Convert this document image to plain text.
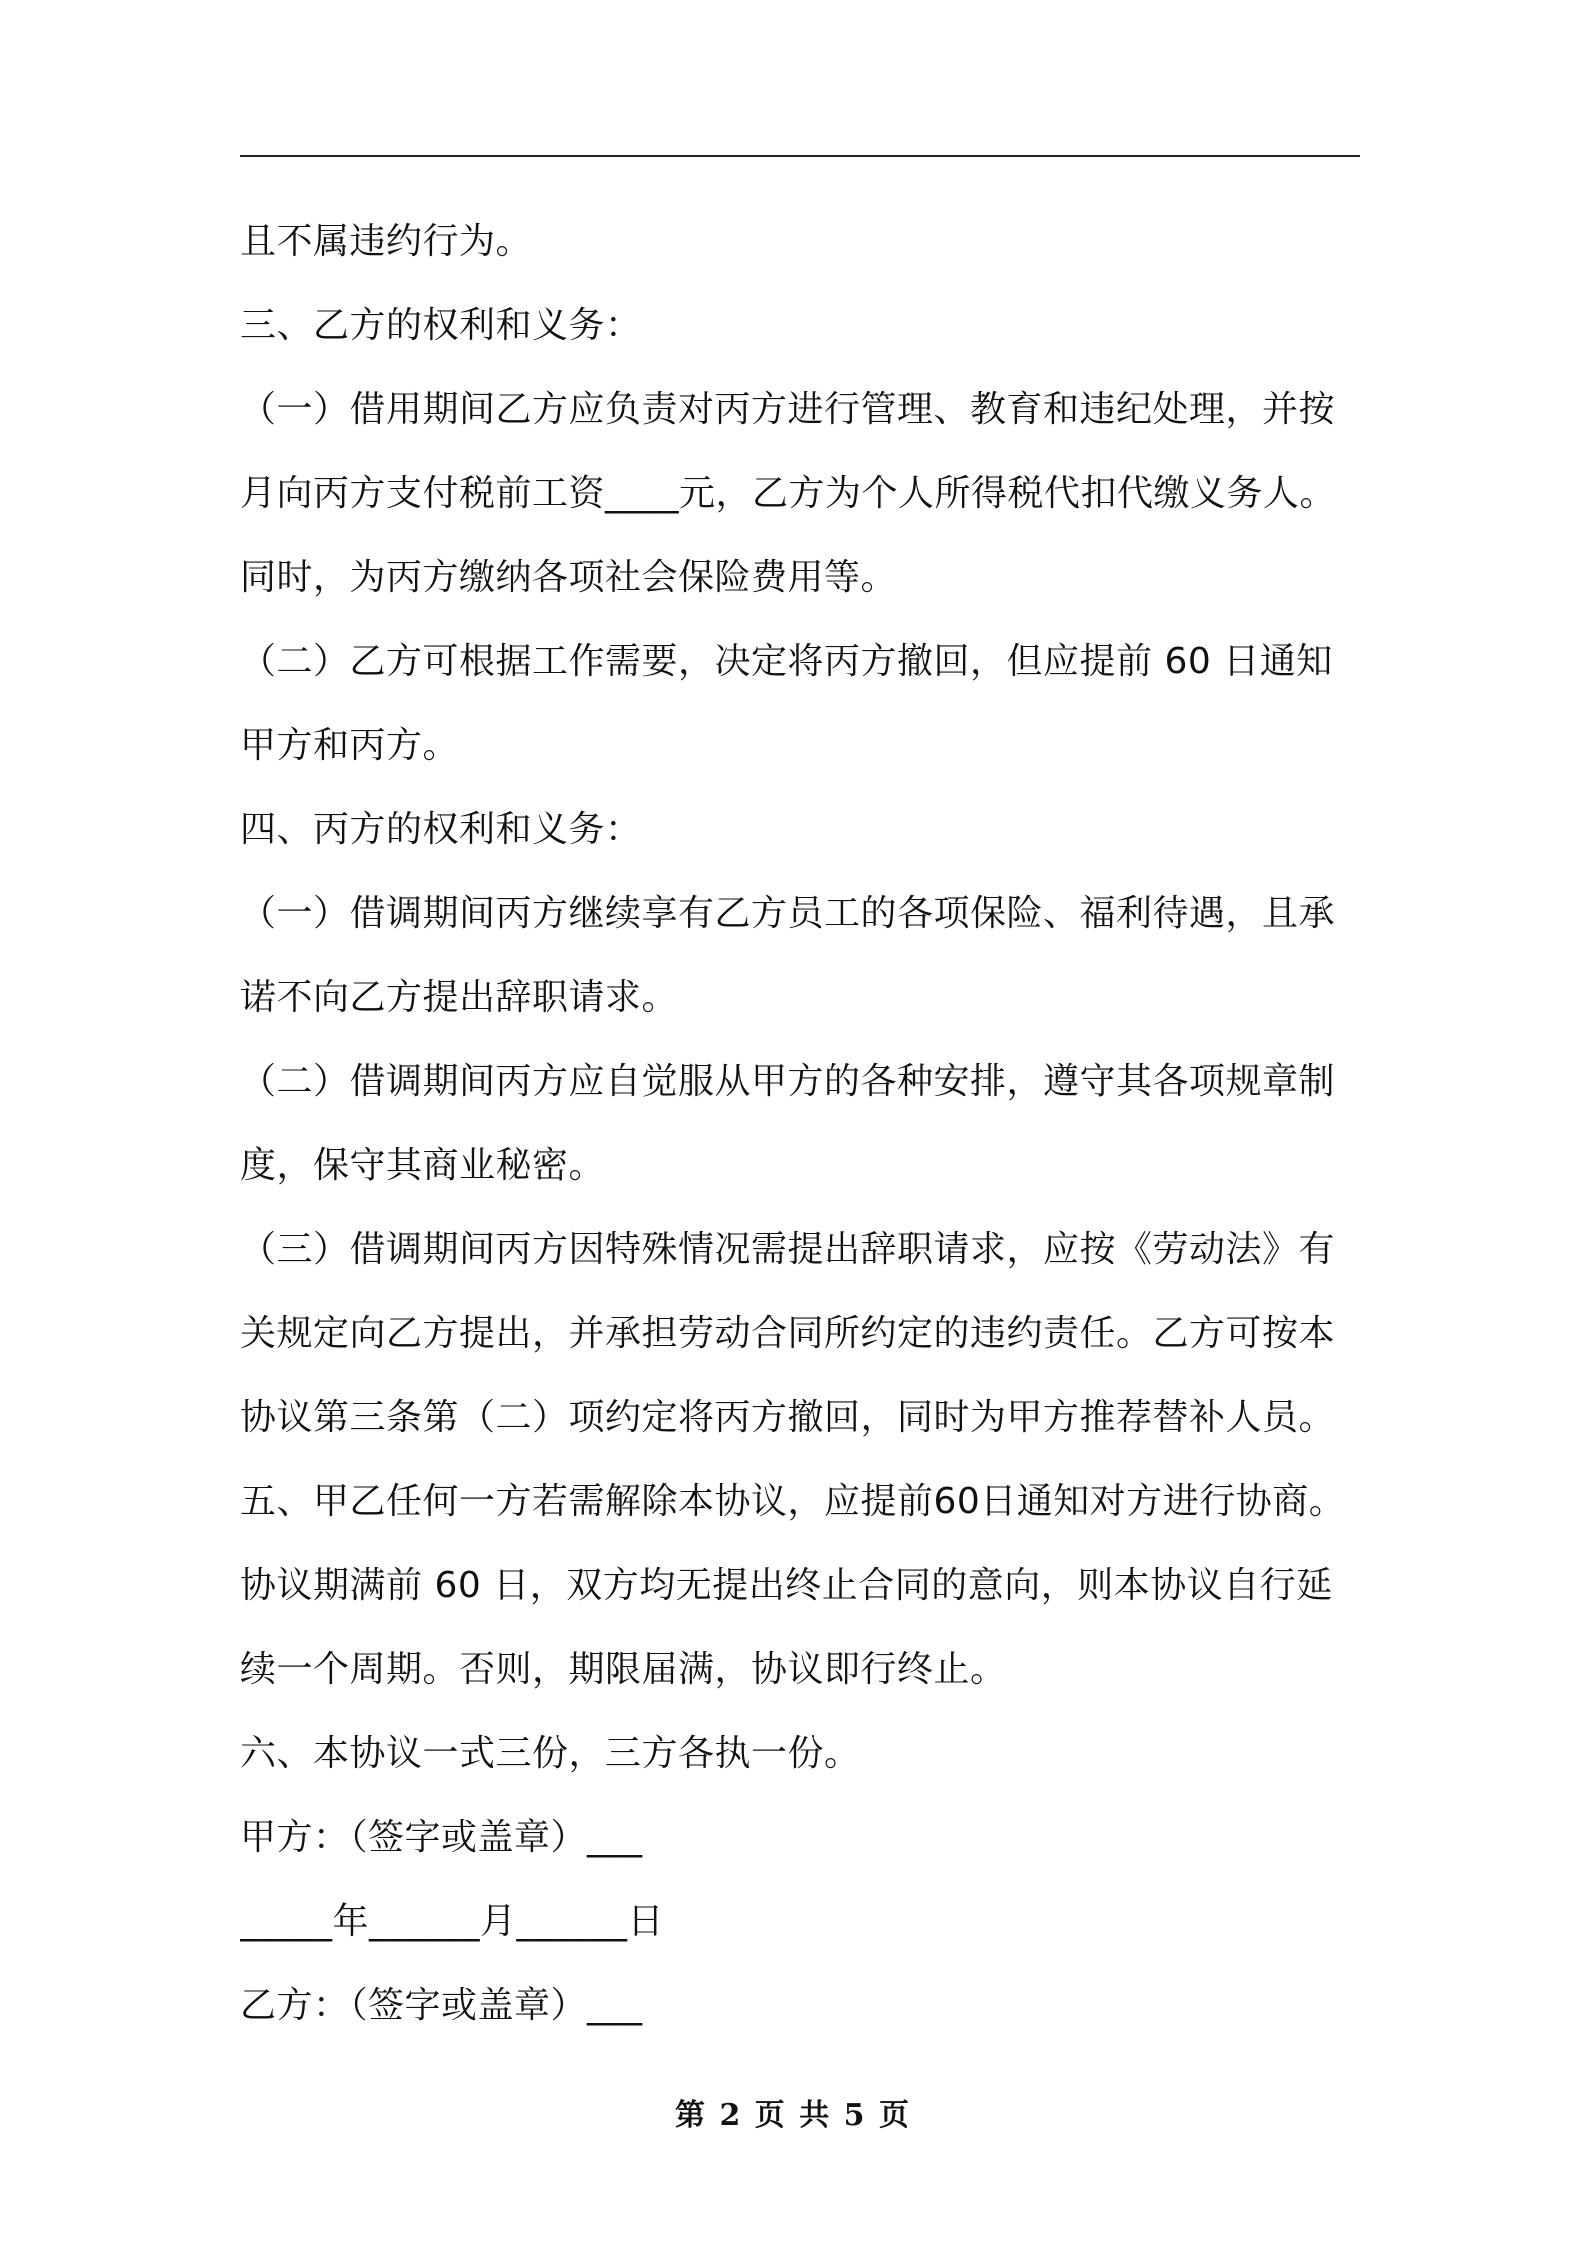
且不属违约行为。
三、乙方的权利和义务：
（一）借用期间乙方应负责对丙方进行管理、教育和违纪处理，并按
月向丙方支付税前工资____元，乙方为个人所得税代扣代缴义务人。
同时，为丙方缴纳各项社会保险费用等。
（二）乙方可根据工作需要，决定将丙方撤回，但应提前 60 日通知
甲方和丙方。
四、丙方的权利和义务：
（一）借调期间丙方继续享有乙方员工的各项保险、福利待遇，且承
诺不向乙方提出辞职请求。
（二）借调期间丙方应自觉服从甲方的各种安排，遵守其各项规章制
度，保守其商业秘密。
（三）借调期间丙方因特殊情况需提出辞职请求，应按《劳动法》有
关规定向乙方提出，并承担劳动合同所约定的违约责任。乙方可按本
协议第三条第（二）项约定将丙方撤回，同时为甲方推荐替补人员。
五、甲乙任何一方若需解除本协议，应提前60日通知对方进行协商。
协议期满前 60 日，双方均无提出终止合同的意向，则本协议自行延
续一个周期。否则，期限届满，协议即行终止。
六、本协议一式三份，三方各执一份。
甲方：（签字或盖章）___
_____年______月______日
乙方：（签字或盖章）___
第 2 页 共 5 页
